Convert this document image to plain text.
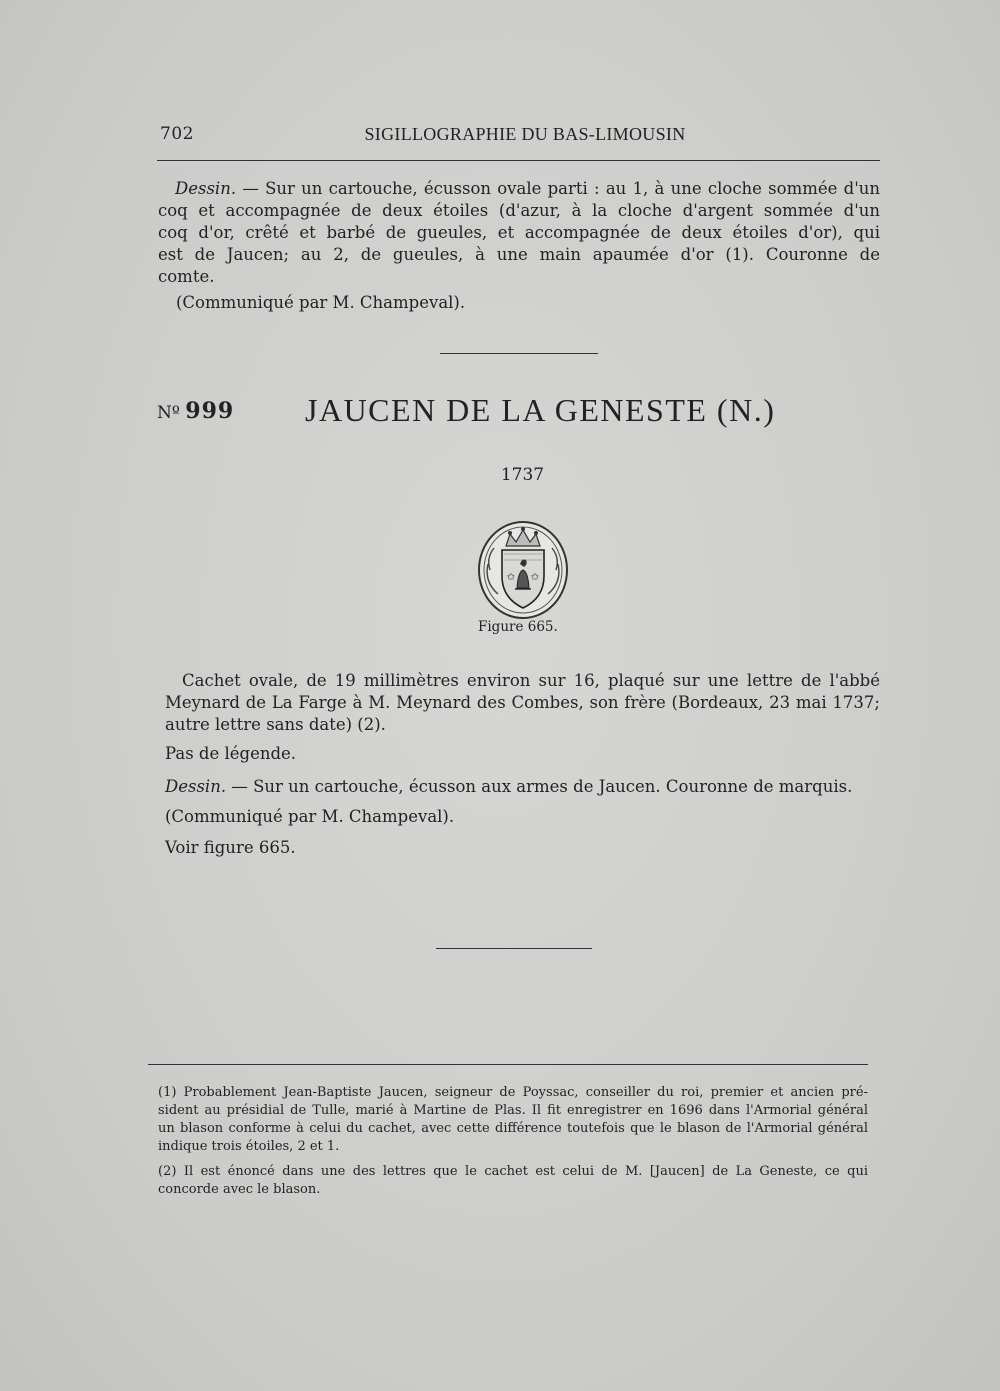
702	SIGILLOGRAPHIE DU BAS-LIMOUSIN
Dessin. — Sur un cartouche, écusson ovale parti : au 1, à une cloche sommée d'un
coq et accompagnée de deux étoiles (d'azur, à la cloche d'argent sommée d'un
coq d'or, crêté et barbé de gueules, et accompagnée de deux étoiles d'or), qui
est de Jaucen; au 2, de gueules, à une main apaumée d'or (1). Couronne de
comte.
(Communiqué par M. Champeval).
Nº 999 JAUCEN DE LA GENESTE (N.)
1737
✩ ✩
Figure 665.
Cachet ovale, de 19 millimètres environ sur 16, plaqué sur une lettre de l'abbé
Meynard de La Farge à M. Meynard des Combes, son frère (Bordeaux, 23 mai 1737;
autre lettre sans date) (2).
Pas de légende.
Dessin. — Sur un cartouche, écusson aux armes de Jaucen. Couronne de marquis.
(Communiqué par M. Champeval).
Voir figure 665.
(1) Probablement Jean-Baptiste Jaucen, seigneur de Poyssac, conseiller du roi, premier et ancien pré-
sident au présidial de Tulle, marié à Martine de Plas. Il fit enregistrer en 1696 dans l'Armorial général
un blason conforme à celui du cachet, avec cette différence toutefois que le blason de l'Armorial général
indique trois étoiles, 2 et 1.
(2) Il est énoncé dans une des lettres que le cachet est celui de M. [Jaucen] de La Geneste, ce qui
concorde avec le blason.
